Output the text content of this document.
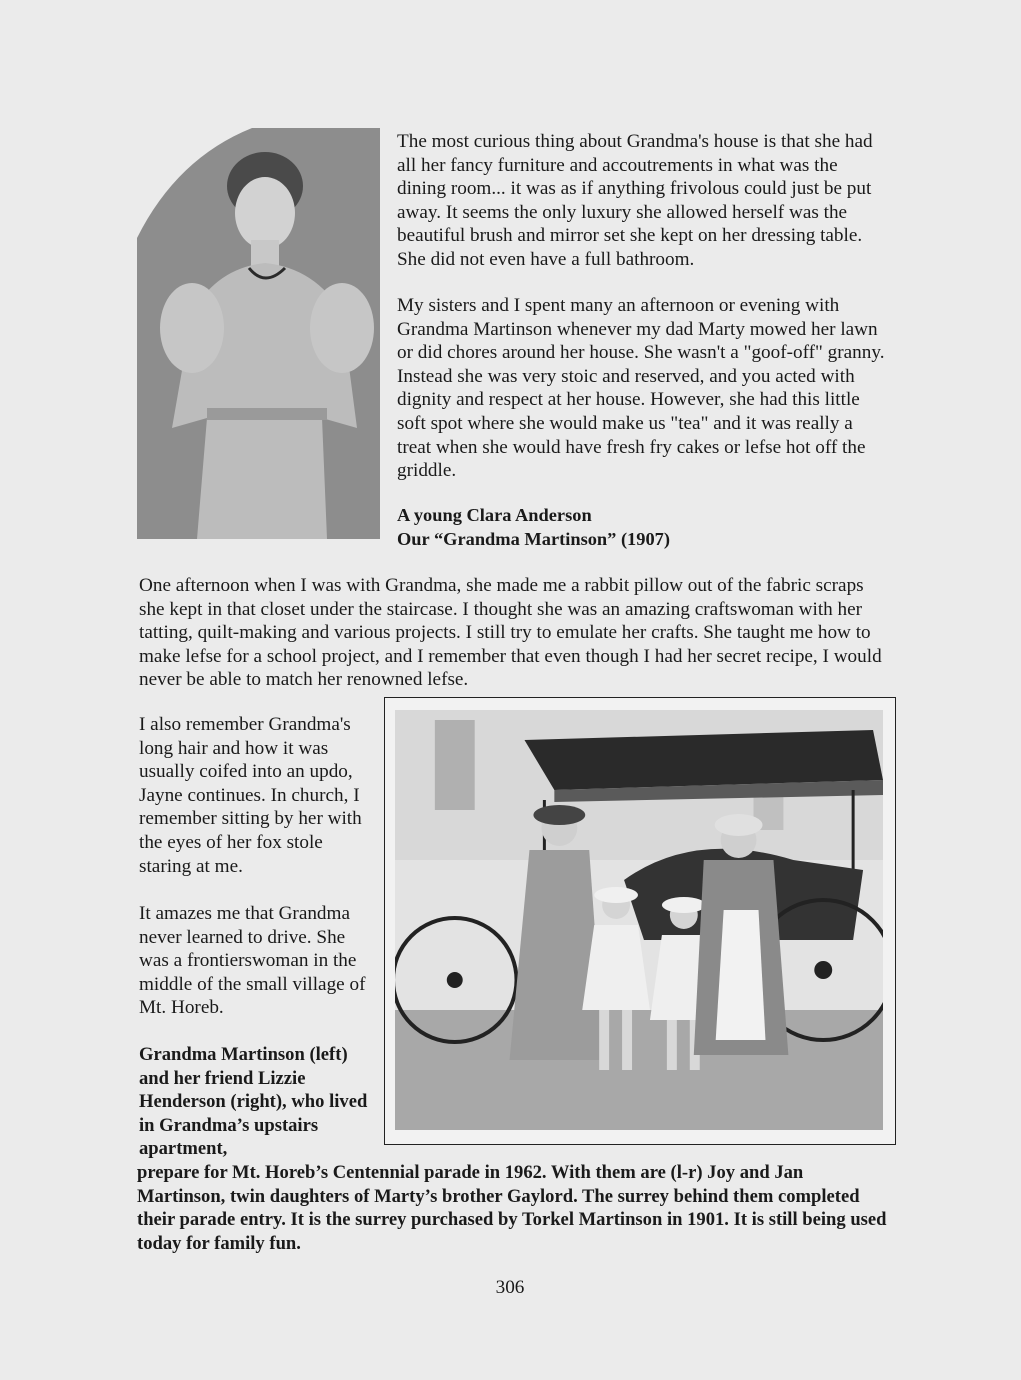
The most curious thing about Grandma's house is that she had all her fancy furniture and accoutrements in what was the dining room... it was as if anything frivolous could just be put away. It seems the only luxury she allowed herself was the beautiful brush and mirror set she kept on her dressing table. She did not even have a full bathroom.

My sisters and I spent many an afternoon or evening with Grandma Martinson whenever my dad Marty mowed her lawn or did chores around her house. She wasn't a "goof-off" granny. Instead she was very stoic and reserved, and you acted with dignity and respect at her house. However, she had this little soft spot where she would make us "tea" and it was really a treat when she would have fresh fry cakes or lefse hot off the griddle.

A young Clara Anderson
Our “Grandma Martinson” (1907)

One afternoon when I was with Grandma, she made me a rabbit pillow out of the fabric scraps she kept in that closet under the staircase. I thought she was an amazing craftswoman with her tatting, quilt-making and various projects. I still try to emulate her crafts. She taught me how to make lefse for a school project, and I remember that even though I had her secret recipe, I would never be able to match her renowned lefse.

I also remember Grandma's long hair and how it was usually coifed into an updo, Jayne continues. In church, I remember sitting by her with the eyes of her fox stole staring at me.

It amazes me that Grandma never learned to drive. She was a frontierswoman in the middle of the small village of Mt. Horeb.

Grandma Martinson (left) and her friend Lizzie Henderson (right), who lived in Grandma’s upstairs apartment,

prepare for Mt. Horeb’s Centennial parade in 1962. With them are (l-r) Joy and Jan Martinson, twin daughters of Marty’s brother Gaylord. The surrey behind them completed their parade entry. It is the surrey purchased by Torkel Martinson in 1901. It is still being used today for family fun.

306
